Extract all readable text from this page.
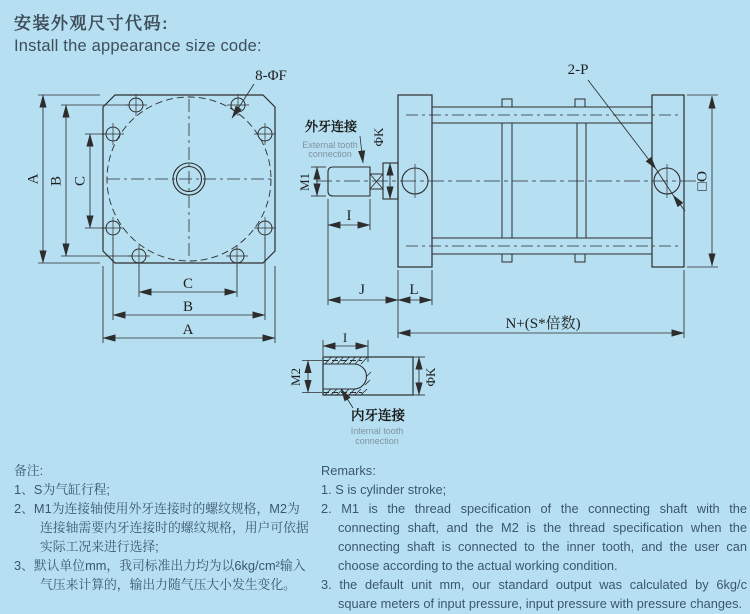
安装外观尺寸代码:
Install the appearance size code:
A B C
C
B
A
8-ΦF
M1
ΦK
I
J	L
N+(S*倍数)
□O
2-P
外牙连接
External tooth
connection
I
M2	ΦK
内牙连接
Internal tooth
connection
备注:
1、S为气缸行程;
2、M1为连接轴使用外牙连接时的螺纹规格，M2为
连接轴需要内牙连接时的螺纹规格，用户可依据
实际工况来进行选择;
3、默认单位mm，我司标准出力均为以6kg/cm²输入
气压来计算的，输出力随气压大小发生变化。
Remarks:
1. S is cylinder stroke;
2. M1 is the thread specification of the connecting shaft with the
connecting shaft, and the M2 is the thread specification when the
connecting shaft is connected to the inner tooth, and the user can
choose according to the actual working condition.
3. the default unit mm, our standard output was calculated by 6kg/c
square meters of input pressure, input pressure with pressure changes.
